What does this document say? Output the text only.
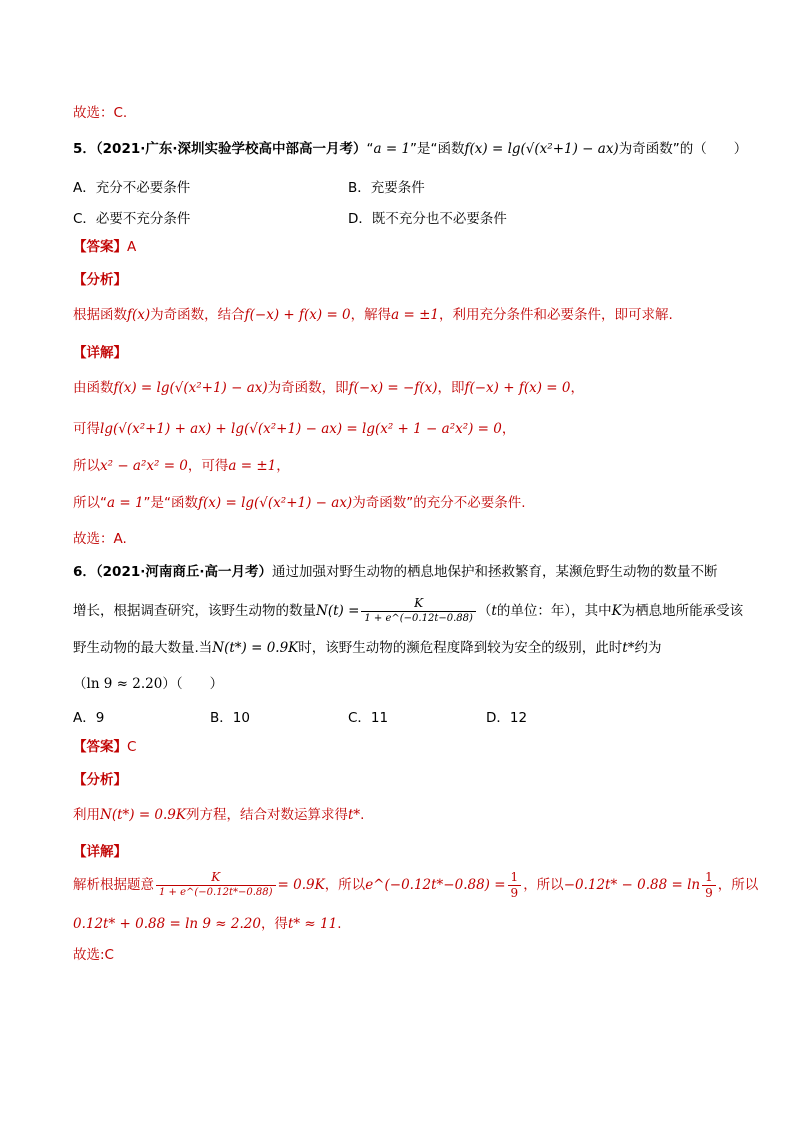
故选：C.
5．（2021·广东·深圳实验学校高中部高一月考）“a = 1”是“函数f(x) = lg(√(x²+1) − ax)为奇函数”的（　　）
A．充分不必要条件	B．充要条件
C．必要不充分条件	D．既不充分也不必要条件
【答案】A
【分析】
根据函数f(x)为奇函数，结合f(−x) + f(x) = 0，解得a = ±1，利用充分条件和必要条件，即可求解.
【详解】
由函数f(x) = lg(√(x²+1) − ax)为奇函数，即f(−x) = −f(x)，即f(−x) + f(x) = 0，
可得lg(√(x²+1) + ax) + lg(√(x²+1) − ax) = lg(x² + 1 − a²x²) = 0，
所以x² − a²x² = 0，可得a = ±1，
所以“a = 1”是“函数f(x) = lg(√(x²+1) − ax)为奇函数”的充分不必要条件.
故选：A.
6．（2021·河南商丘·高一月考）通过加强对野生动物的栖息地保护和拯救繁育，某濒危野生动物的数量不断
增长，根据调查研究，该野生动物的数量$N(t) = \frac{K}{1 + e\^{}(-0.12t-0.88)} (t$的单位：年），其中K为栖息地所能承受该
野生动物的最大数量.当N(t*) = 0.9K时，该野生动物的濒危程度降到较为安全的级别，此时t*约为
（ln 9 ≈ 2.20）（　　）
A．9	B．10	C．11	D．12
【答案】C
【分析】
利用N(t*) = 0.9K列方程，结合对数运算求得t*.
【详解】
解析根据题意 $\frac{K}{1 + e\^{}(-0.12t*-0.88)} = 0.9K$，所以e^(−0.12t*−0.88) = $\frac{1}{9}$ ，所以$-0.12t* - 0.88 = \ln \frac{1}{9}$ ，所以
0.12t* + 0.88 = ln 9 ≈ 2.20，得t* ≈ 11.
故选:C
